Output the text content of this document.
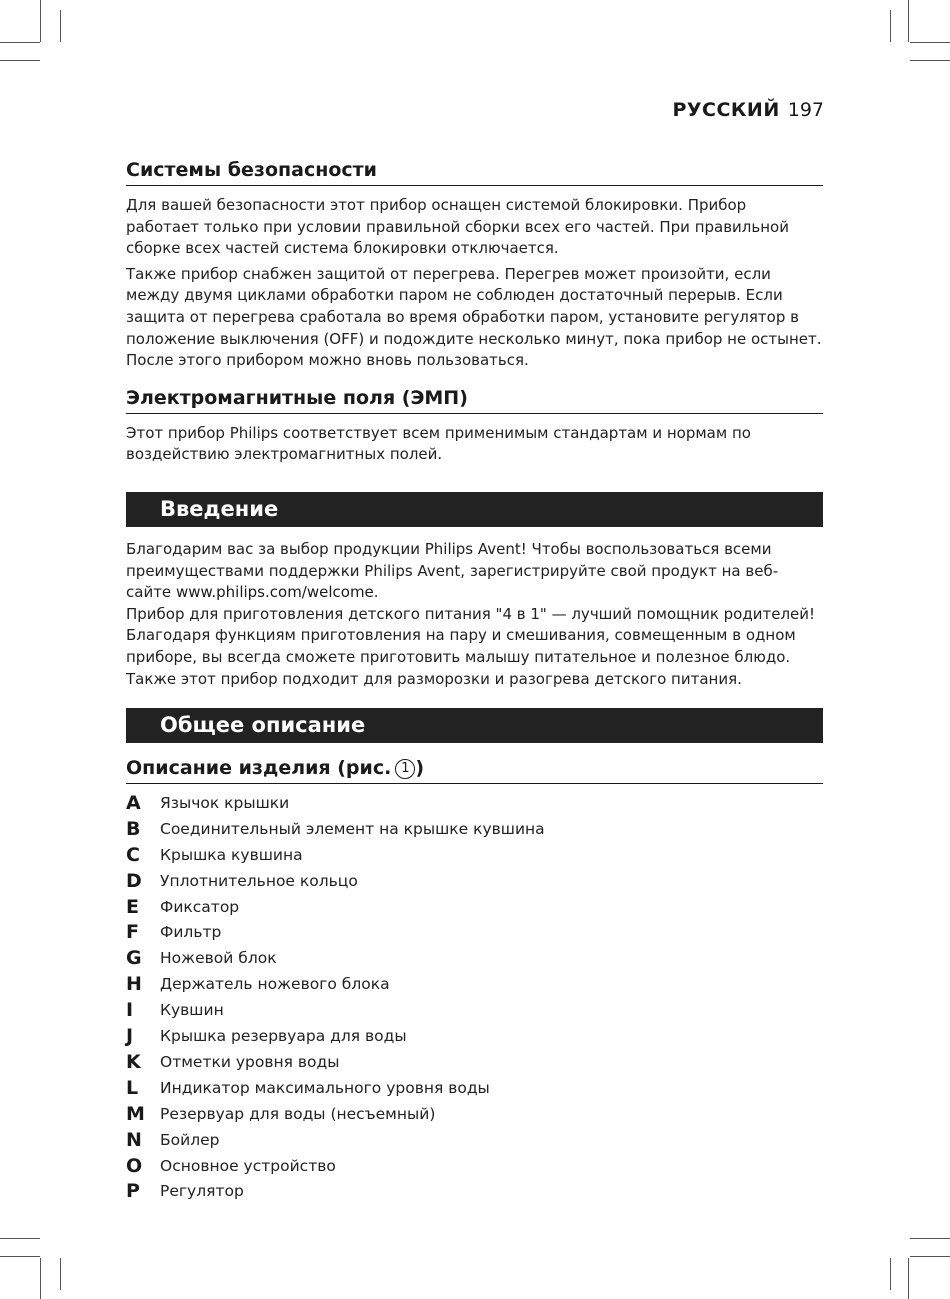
РУССКИЙ 197
Системы безопасности

Для вашей безопасности этот прибор оснащен системой блокировки. Прибор работает только при условии правильной сборки всех его частей. При правильной сборке всех частей система блокировки отключается.

Также прибор снабжен защитой от перегрева. Перегрев может произойти, если между двумя циклами обработки паром не соблюден достаточный перерыв. Если защита от перегрева сработала во время обработки паром, установите регулятор в положение выключения (OFF) и подождите несколько минут, пока прибор не остынет. После этого прибором можно вновь пользоваться.

Электромагнитные поля (ЭМП)

Этот прибор Philips соответствует всем применимым стандартам и нормам по воздействию электромагнитных полей.

Введение

Благодарим вас за выбор продукции Philips Avent! Чтобы воспользоваться всеми преимуществами поддержки Philips Avent, зарегистрируйте свой продукт на веб-сайте www.philips.com/welcome.

Прибор для приготовления детского питания "4 в 1" — лучший помощник родителей! Благодаря функциям приготовления на пару и смешивания, совмещенным в одном приборе, вы всегда сможете приготовить малышу питательное и полезное блюдо. Также этот прибор подходит для разморозки и разогрева детского питания.

Общее описание
Описание изделия (рис. 1 )
A	Язычок крышки
B	Соединительный элемент на крышке кувшина
C	Крышка кувшина
D	Уплотнительное кольцо
E	Фиксатор
F	Фильтр
G	Ножевой блок
H	Держатель ножевого блока
I	Кувшин
J	Крышка резервуара для воды
K	Отметки уровня воды
L	Индикатор максимального уровня воды
M Резервуар для воды (несъемный)
N	Бойлер
O	Основное устройство
P	Регулятор
